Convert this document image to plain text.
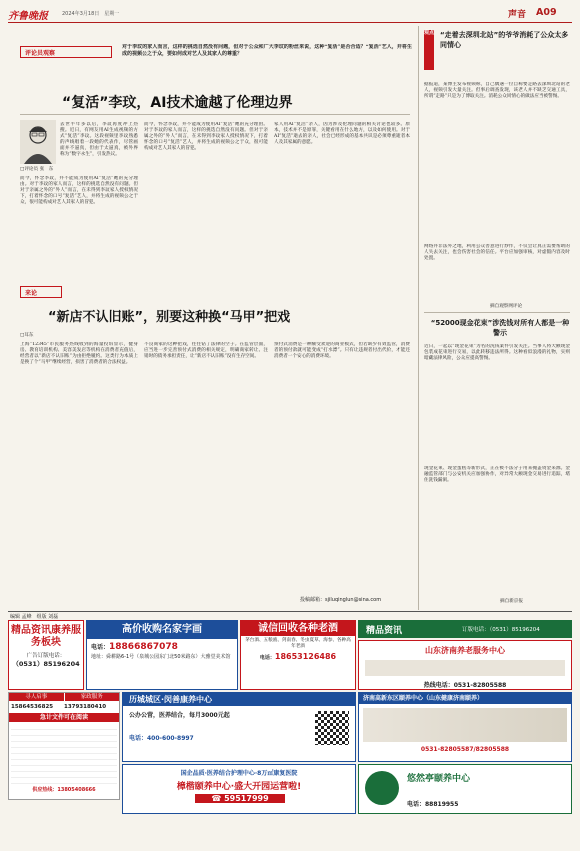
齐鲁晚报	2024年3月18日　星期一	声音 A09
对于李玟的家人而言，这样的挑选自然没有问题，但对于公众和广大李玟的粉丝来说，这种“复活”是否合适？“复活”艺人，并将生成的视频公之于众，要如何成对艺人及其家人的尊重？
评论员观察
“复活”李玟，AI技术逾越了伦理边界
□评论员 张　东
去世半年多以后，李玟再度冲上热搜。近日，有网友用AI生成视频的方式“复活”李玟。这段视频里李玟熟悉的声线唱着一段她的代表作，尽管画面并不逼真，但由于太逼真，被外界称为“数字永生”，引发热议。
而今，怀念李玟，并不能成为使用AI“复活”她的充分理由。对于李玟的家人而言，这样的挑选自然没有问题。但对于亲属之外的“外人”而言，在未得到李玟家人授权情况下，打着怀念的口号“复活”艺人，并将生成的视频公之于众，很可能构成对艺人其家人的冒犯。
而今，怀念李玟，并不能成为使用AI“复活”她的充分理由。对于李玟的家人而言，这样的挑选自然没有问题。但对于亲属之外的“外人”而言，在未得到李玟家人授权情况下，打着怀念的口号“复活”艺人，并将生成的视频公之于众，很可能构成对艺人其家人的冒犯。
家人用AI“复活”亲人，因为涉及伦理问题的相关讨论也较多。原本，技术并不是原罪，关键看用在什么地方，以及如何使用。对于AI“复活”逝去的亲人，社会已经形成的基本共识是必须尊重逝者本人及其家属的意愿。
来论
“新店不认旧账”，别要这种换“马甲”把戏
□耳东
上海“12345”市民服务热线收到的海量投诉显示，健身房、教育培训机构、美容美发店等机构在消费者充值后，经营者以“新店不认旧账”为由拒绝履约。这类行为本质上是换了个“马甲”继续经营，损害了消费者的合法权益。
不良商家的这种把戏，往往钻了法律的空子。在监管层面，应当进一步完善预付式消费的相关规定，明确商家转让、注销时的债务承担责任，让“新店不认旧账”没有生存空间。
预付式消费是一种颇受欢迎的商业模式，但若缺少有效监管，消费者的预付款就可能变成“打水漂”。只有让违规者付出代价，才能还消费者一个安心的消费环境。
投稿邮箱：sjiluqinglun@sina.com
观点 “走着去深圳北站”的爷爷消耗了公众太多同情心
据报道，某博主发布视频称，自己偶遇一位自称要走路去深圳北站的老人，视频引发大量关注。但事后调查发现，该老人并不缺乏交通工具，所谓“走路”只是为了博取关注。消耗公众同情心的做法应当被警惕。
网络并非法外之地，利用公众善意进行炒作，不仅会让真正需要帮助的人失去关注，也会伤害社会的信任。平台应加强审核，对虚假内容及时处置。
摘自观察网评论
“52000现金花束”涉洗钱对所有人都是一种警示
近日，一起以“现金花束”为名的洗钱案件引发关注。当事人将大额现金包装成花束进行交易，以此转移违法所得。这种看似浪漫的礼物，实则暗藏法律风险，公众应提高警惕。
现金花束、现金蛋糕等新形式，正在被不法分子用来掩盖资金来源。金融监管部门与公安机关应加强协作，对异常大额现金交易进行追踪，堵住洗钱漏洞。
摘自新京报
编辑 孟峰　组版 刘磊
精品资讯康养服务板块
广告订版电话：
（0531）85196204
高价收购名家字画
电话：18866867078
地址：舜耕路6-1号（泉城公园东门北50米路东）大雅堂美术馆
诚信回收各种老酒
茅台酒、五粮液、剑南春、冬虫夏草、海参、各种高年老酒
电话：18653126486
精品资讯	订版电话：（0531）85196204
山东济南养老服务中心
热线电话：0531-82805588
寻人启事	家政服务
15864536825	13793180410
急计文件可在阅读
供应热线：13805408666
历城城区·闵善康养中心
公办公营，医养结合，每月3000元起
电话：400-600-8997
济南高新东区颐养中心（山东健康济南颐养）
0531-82805587/82805588
国企品质·医养结合护理中心·8万㎡康复医院
樟楷颐养中心·盛大开园运营啦!
☎ 59517999
悠然亭颐养中心
电话：88819955
